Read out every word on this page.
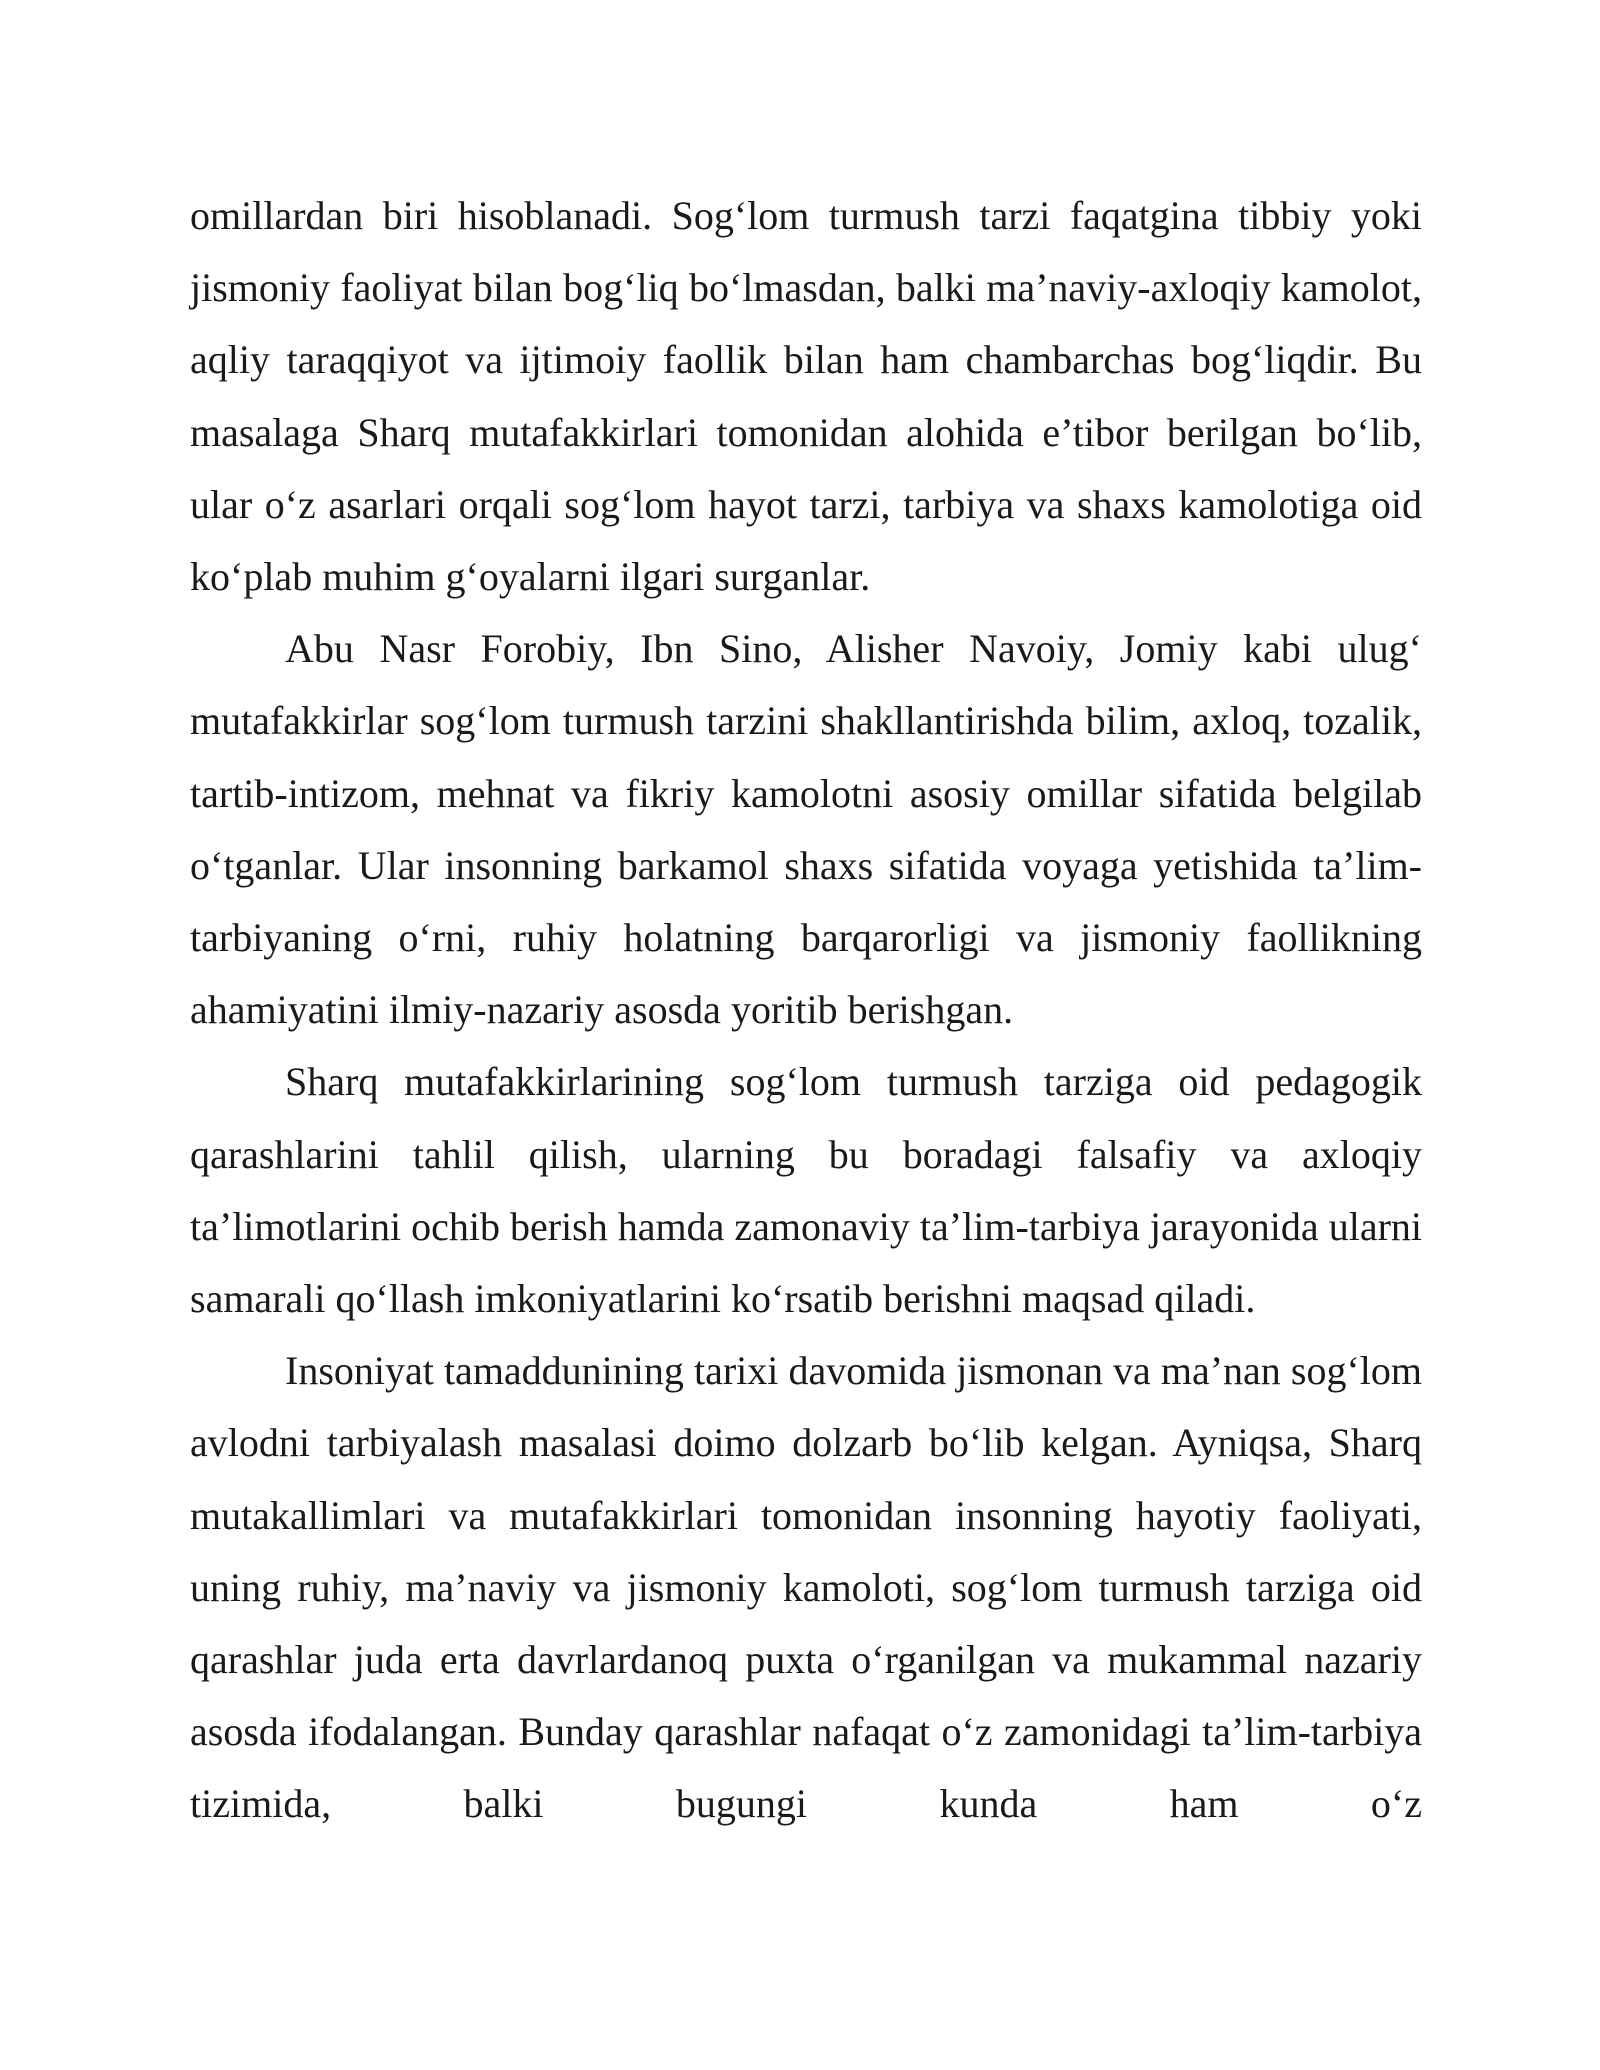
omillardan biri hisoblanadi. Sog‘lom turmush tarzi faqatgina tibbiy yoki jismoniy faoliyat bilan bog‘liq bo‘lmasdan, balki ma’naviy-axloqiy kamolot, aqliy taraqqiyot va ijtimoiy faollik bilan ham chambarchas bog‘liqdir. Bu masalaga Sharq mutafakkirlari tomonidan alohida e’tibor berilgan bo‘lib, ular o‘z asarlari orqali sog‘lom hayot tarzi, tarbiya va shaxs kamolotiga oid ko‘plab muhim g‘oyalarni ilgari surganlar.

Abu Nasr Forobiy, Ibn Sino, Alisher Navoiy, Jomiy kabi ulug‘ mutafakkirlar sog‘lom turmush tarzini shakllantirishda bilim, axloq, tozalik, tartib-intizom, mehnat va fikriy kamolotni asosiy omillar sifatida belgilab o‘tganlar. Ular insonning barkamol shaxs sifatida voyaga yetishida ta’lim-tarbiyaning o‘rni, ruhiy holatning barqarorligi va jismoniy faollikning ahamiyatini ilmiy-nazariy asosda yoritib berishgan.

Sharq mutafakkirlarining sog‘lom turmush tarziga oid pedagogik qarashlarini tahlil qilish, ularning bu boradagi falsafiy va axloqiy ta’limotlarini ochib berish hamda zamonaviy ta’lim-tarbiya jarayonida ularni samarali qo‘llash imkoniyatlarini ko‘rsatib berishni maqsad qiladi.

Insoniyat tamaddunining tarixi davomida jismonan va ma’nan sog‘lom avlodni tarbiyalash masalasi doimo dolzarb bo‘lib kelgan. Ayniqsa, Sharq mutakallimlari va mutafakkirlari tomonidan insonning hayotiy faoliyati, uning ruhiy, ma’naviy va jismoniy kamoloti, sog‘lom turmush tarziga oid qarashlar juda erta davrlardanoq puxta o‘rganilgan va mukammal nazariy asosda ifodalangan. Bunday qarashlar nafaqat o‘z zamonidagi ta’lim-tarbiya tizimida, balki bugungi kunda ham o‘z
